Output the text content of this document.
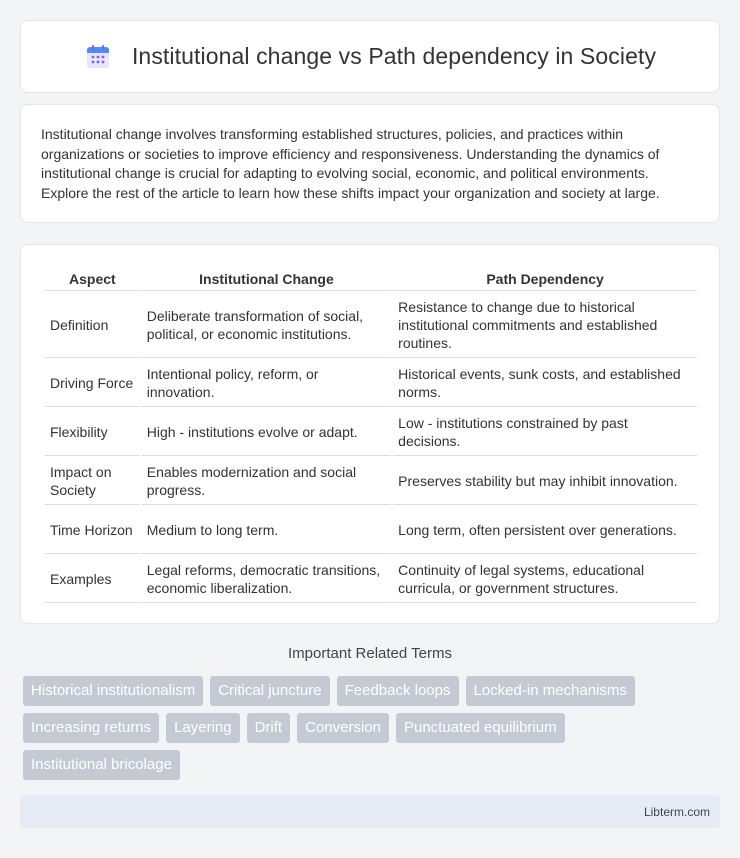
Institutional change vs Path dependency in Society

Institutional change involves transforming established structures, policies, and practices within organizations or societies to improve efficiency and responsiveness. Understanding the dynamics of institutional change is crucial for adapting to evolving social, economic, and political environments. Explore the rest of the article to learn how these shifts impact your organization and society at large.

Aspect	Institutional Change	Path Dependency
Definition	Deliberate transformation of social, political, or economic institutions.	Resistance to change due to historical institutional commitments and established routines.
Driving Force	Intentional policy, reform, or innovation.	Historical events, sunk costs, and established norms.
Flexibility	High - institutions evolve or adapt.	Low - institutions constrained by past decisions.
Impact on Society	Enables modernization and social progress.	Preserves stability but may inhibit innovation.
Time Horizon	Medium to long term.	Long term, often persistent over generations.
Examples	Legal reforms, democratic transitions, economic liberalization.	Continuity of legal systems, educational curricula, or government structures.
Important Related Terms
Historical institutionalism	Critical juncture	Feedback loops	Locked-in mechanisms
Increasing returns	Layering	Drift	Conversion	Punctuated equilibrium
Institutional bricolage
Libterm.com
